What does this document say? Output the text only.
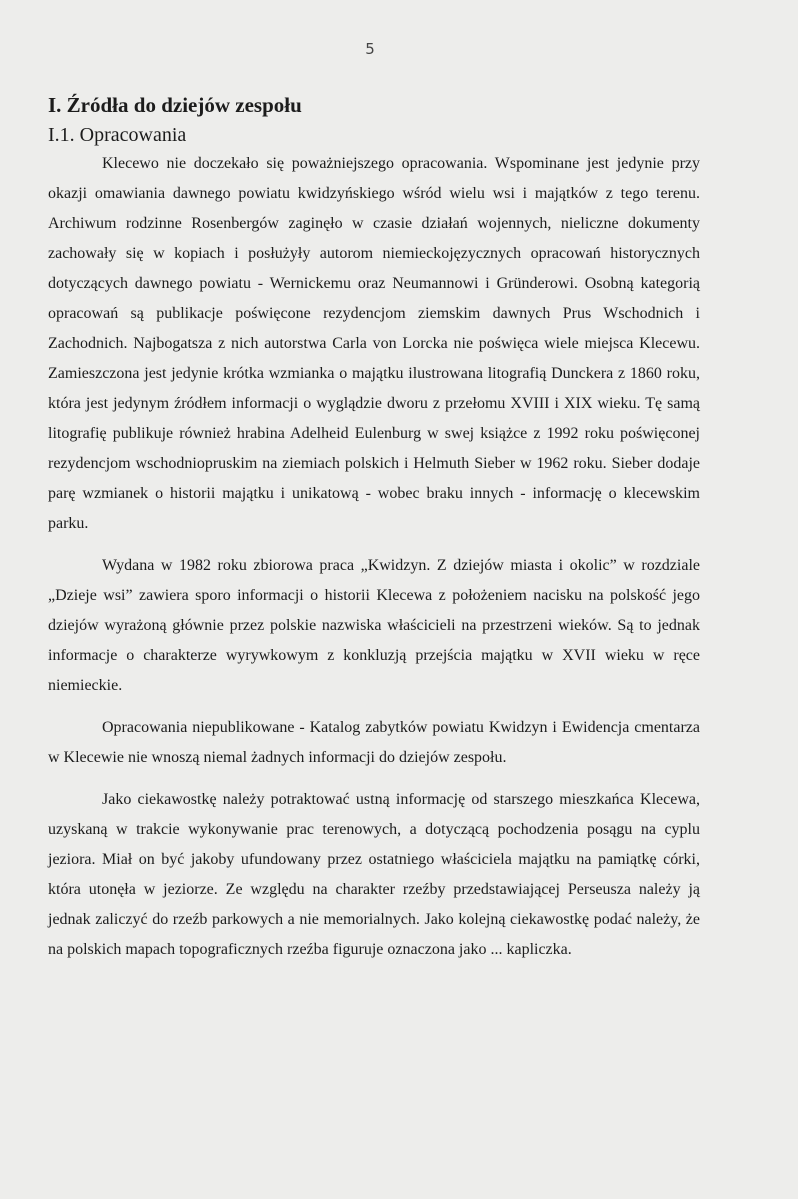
5
I. Źródła do dziejów zespołu
I.1. Opracowania

Klecewo nie doczekało się poważniejszego opracowania. Wspominane jest jedynie przy okazji omawiania dawnego powiatu kwidzyńskiego wśród wielu wsi i majątków z tego terenu. Archiwum rodzinne Rosenbergów zaginęło w czasie działań wojennych, nieliczne dokumenty zachowały się w kopiach i posłużyły autorom niemieckojęzycznych opracowań historycznych dotyczących dawnego powiatu - Wernickemu oraz Neumannowi i Gründerowi. Osobną kategorią opracowań są publikacje poświęcone rezydencjom ziemskim dawnych Prus Wschodnich i Zachodnich. Najbogatsza z nich autorstwa Carla von Lorcka nie poświęca wiele miejsca Klecewu. Zamieszczona jest jedynie krótka wzmianka o majątku ilustrowana litografią Dunckera z 1860 roku, która jest jedynym źródłem informacji o wyglądzie dworu z przełomu XVIII i XIX wieku. Tę samą litografię publikuje również hrabina Adelheid Eulenburg w swej książce z 1992 roku poświęconej rezydencjom wschodniopruskim na ziemiach polskich i Helmuth Sieber w 1962 roku. Sieber dodaje parę wzmianek o historii majątku i unikatową - wobec braku innych - informację o klecewskim parku.

Wydana w 1982 roku zbiorowa praca „Kwidzyn. Z dziejów miasta i okolic” w rozdziale „Dzieje wsi” zawiera sporo informacji o historii Klecewa z położeniem nacisku na polskość jego dziejów wyrażoną głównie przez polskie nazwiska właścicieli na przestrzeni wieków. Są to jednak informacje o charakterze wyrywkowym z konkluzją przejścia majątku w XVII wieku w ręce niemieckie.

Opracowania niepublikowane - Katalog zabytków powiatu Kwidzyn i Ewidencja cmentarza w Klecewie nie wnoszą niemal żadnych informacji do dziejów zespołu.

Jako ciekawostkę należy potraktować ustną informację od starszego mieszkańca Klecewa, uzyskaną w trakcie wykonywanie prac terenowych, a dotyczącą pochodzenia posągu na cyplu jeziora. Miał on być jakoby ufundowany przez ostatniego właściciela majątku na pamiątkę córki, która utonęła w jeziorze. Ze względu na charakter rzeźby przedstawiającej Perseusza należy ją jednak zaliczyć do rzeźb parkowych a nie memorialnych. Jako kolejną ciekawostkę podać należy, że na polskich mapach topograficznych rzeźba figuruje oznaczona jako ... kapliczka.
